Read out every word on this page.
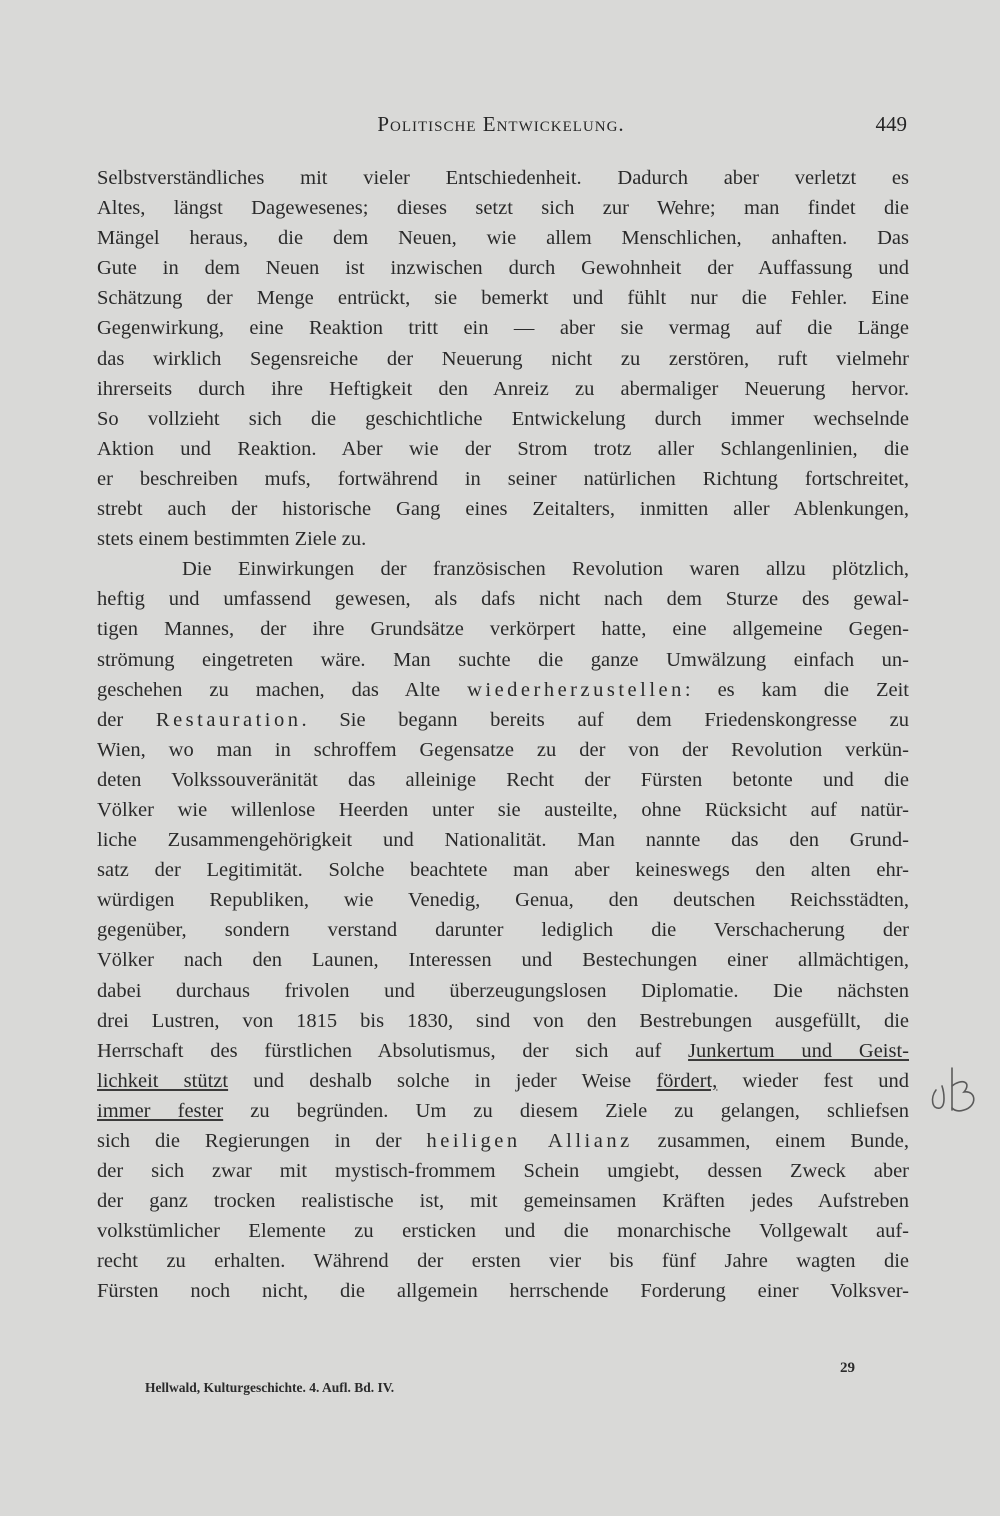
Politische Entwickelung.	449
Selbstverständliches mit vieler Entschiedenheit. Dadurch aber verletzt es
Altes, längst Dagewesenes; dieses setzt sich zur Wehre; man findet die
Mängel heraus, die dem Neuen, wie allem Menschlichen, anhaften. Das
Gute in dem Neuen ist inzwischen durch Gewohnheit der Auffassung und
Schätzung der Menge entrückt, sie bemerkt und fühlt nur die Fehler. Eine
Gegenwirkung, eine Reaktion tritt ein — aber sie vermag auf die Länge
das wirklich Segensreiche der Neuerung nicht zu zerstören, ruft vielmehr
ihrerseits durch ihre Heftigkeit den Anreiz zu abermaliger Neuerung hervor.
So vollzieht sich die geschichtliche Entwickelung durch immer wechselnde
Aktion und Reaktion. Aber wie der Strom trotz aller Schlangenlinien, die
er beschreiben mufs, fortwährend in seiner natürlichen Richtung fortschreitet,
strebt auch der historische Gang eines Zeitalters, inmitten aller Ablenkungen,
stets einem bestimmten Ziele zu.
Die Einwirkungen der französischen Revolution waren allzu plötzlich,
heftig und umfassend gewesen, als dafs nicht nach dem Sturze des gewal-
tigen Mannes, der ihre Grundsätze verkörpert hatte, eine allgemeine Gegen-
strömung eingetreten wäre. Man suchte die ganze Umwälzung einfach un-
geschehen zu machen, das Alte wiederherzustellen: es kam die Zeit
der Restauration. Sie begann bereits auf dem Friedenskongresse zu
Wien, wo man in schroffem Gegensatze zu der von der Revolution verkün-
deten Volkssouveränität das alleinige Recht der Fürsten betonte und die
Völker wie willenlose Heerden unter sie austeilte, ohne Rücksicht auf natür-
liche Zusammengehörigkeit und Nationalität. Man nannte das den Grund-
satz der Legitimität. Solche beachtete man aber keineswegs den alten ehr-
würdigen Republiken, wie Venedig, Genua, den deutschen Reichsstädten,
gegenüber, sondern verstand darunter lediglich die Verschacherung der
Völker nach den Launen, Interessen und Bestechungen einer allmächtigen,
dabei durchaus frivolen und überzeugungslosen Diplomatie. Die nächsten
drei Lustren, von 1815 bis 1830, sind von den Bestrebungen ausgefüllt, die
Herrschaft des fürstlichen Absolutismus, der sich auf Junkertum und Geist-
lichkeit stützt und deshalb solche in jeder Weise fördert, wieder fest und
immer fester zu begründen. Um zu diesem Ziele zu gelangen, schliefsen
sich die Regierungen in der heiligen Allianz zusammen, einem Bunde,
der sich zwar mit mystisch-frommem Schein umgiebt, dessen Zweck aber
der ganz trocken realistische ist, mit gemeinsamen Kräften jedes Aufstreben
volkstümlicher Elemente zu ersticken und die monarchische Vollgewalt auf-
recht zu erhalten. Während der ersten vier bis fünf Jahre wagten die
Fürsten noch nicht, die allgemein herrschende Forderung einer Volksver-
Hellwald, Kulturgeschichte. 4. Aufl. Bd. IV.
29
